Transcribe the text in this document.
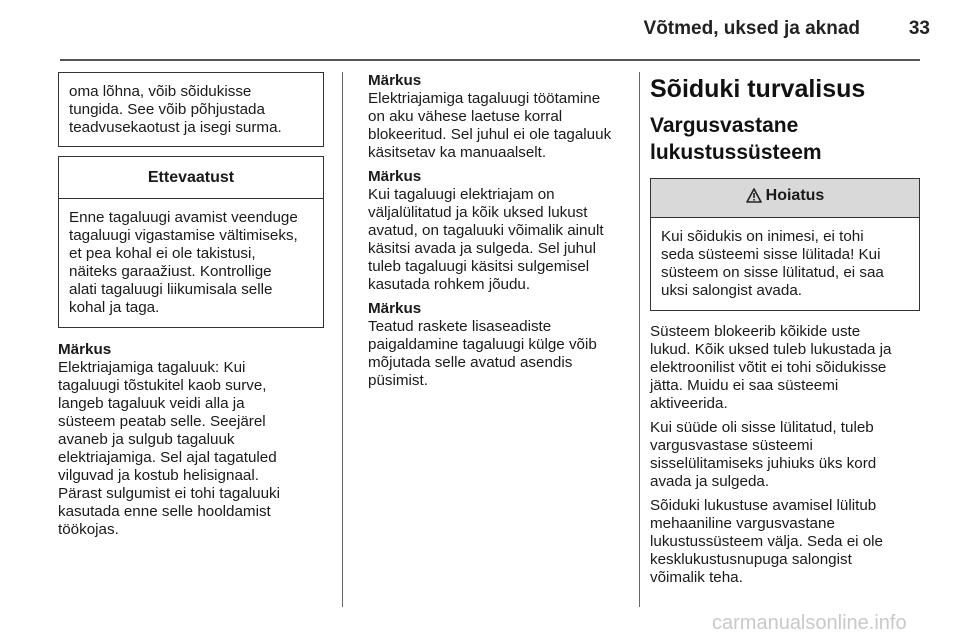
Võtmed, uksed ja aknad	33
oma lõhna, võib sõidukisse
tungida. See võib põhjustada
teadvusekaotust ja isegi surma.
Ettevaatust
Enne tagaluugi avamist veenduge
tagaluugi vigastamise vältimiseks,
et pea kohal ei ole takistusi,
näiteks garaažiust. Kontrollige
alati tagaluugi liikumisala selle
kohal ja taga.

Märkus

Elektriajamiga tagaluuk: Kui
tagaluugi tõstukitel kaob surve,
langeb tagaluuk veidi alla ja
süsteem peatab selle. Seejärel
avaneb ja sulgub tagaluuk
elektriajamiga. Sel ajal tagatuled
vilguvad ja kostub helisignaal.
Pärast sulgumist ei tohi tagaluuki
kasutada enne selle hooldamist
töökojas.

Märkus

Elektriajamiga tagaluugi töötamine
on aku vähese laetuse korral
blokeeritud. Sel juhul ei ole tagaluuk
käsitsetav ka manuaalselt.

Märkus

Kui tagaluugi elektriajam on
väljalülitatud ja kõik uksed lukust
avatud, on tagaluuki võimalik ainult
käsitsi avada ja sulgeda. Sel juhul
tuleb tagaluugi käsitsi sulgemisel
kasutada rohkem jõudu.

Märkus

Teatud raskete lisaseadiste
paigaldamine tagaluugi külge võib
mõjutada selle avatud asendis
püsimist.

Sõiduki turvalisus
Vargusvastane
lukustussüsteem
Hoiatus
Kui sõidukis on inimesi, ei tohi
seda süsteemi sisse lülitada! Kui
süsteem on sisse lülitatud, ei saa
uksi salongist avada.

Süsteem blokeerib kõikide uste
lukud. Kõik uksed tuleb lukustada ja
elektroonilist võtit ei tohi sõidukisse
jätta. Muidu ei saa süsteemi
aktiveerida.

Kui süüde oli sisse lülitatud, tuleb
vargusvastase süsteemi
sisselülitamiseks juhiuks üks kord
avada ja sulgeda.

Sõiduki lukustuse avamisel lülitub
mehaaniline vargusvastane
lukustussüsteem välja. Seda ei ole
kesklukustusnupuga salongist
võimalik teha.

carmanualsonline.info
